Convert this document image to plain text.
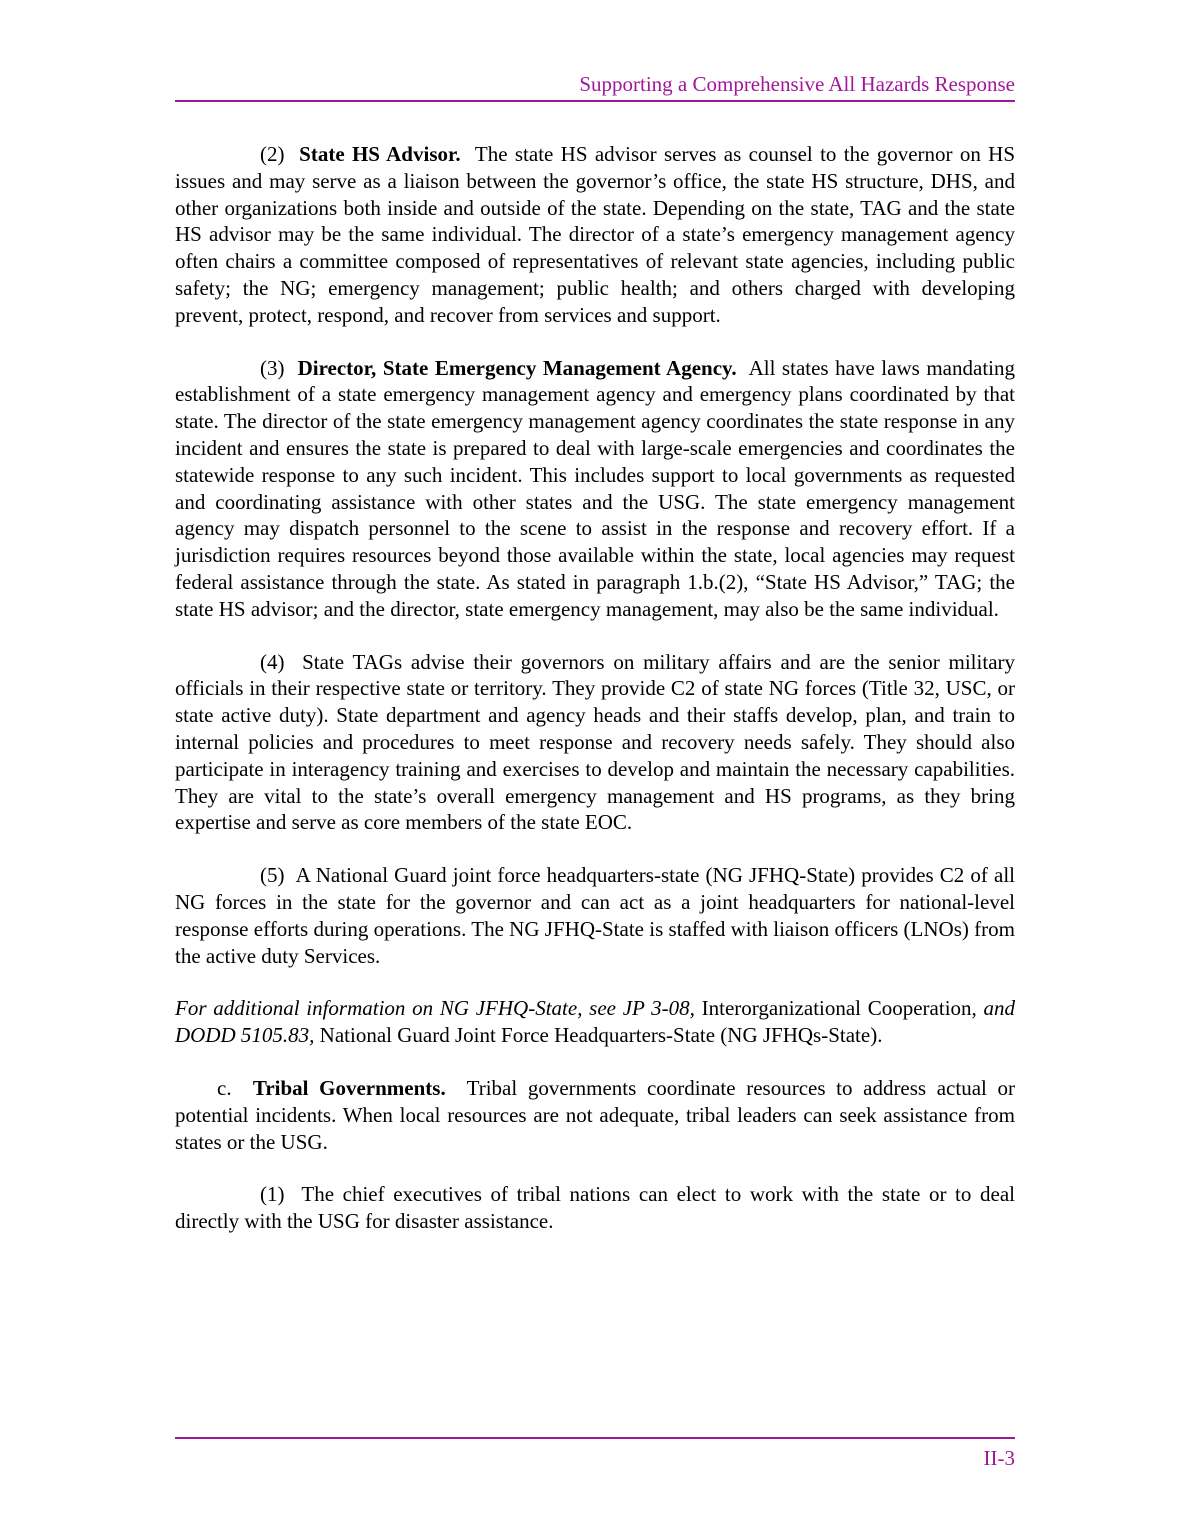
Supporting a Comprehensive All Hazards Response

(2) State HS Advisor. The state HS advisor serves as counsel to the governor on HS issues and may serve as a liaison between the governor’s office, the state HS structure, DHS, and other organizations both inside and outside of the state. Depending on the state, TAG and the state HS advisor may be the same individual. The director of a state’s emergency management agency often chairs a committee composed of representatives of relevant state agencies, including public safety; the NG; emergency management; public health; and others charged with developing prevent, protect, respond, and recover from services and support.

(3) Director, State Emergency Management Agency. All states have laws mandating establishment of a state emergency management agency and emergency plans coordinated by that state. The director of the state emergency management agency coordinates the state response in any incident and ensures the state is prepared to deal with large-scale emergencies and coordinates the statewide response to any such incident. This includes support to local governments as requested and coordinating assistance with other states and the USG. The state emergency management agency may dispatch personnel to the scene to assist in the response and recovery effort. If a jurisdiction requires resources beyond those available within the state, local agencies may request federal assistance through the state. As stated in paragraph 1.b.(2), “State HS Advisor,” TAG; the state HS advisor; and the director, state emergency management, may also be the same individual.

(4) State TAGs advise their governors on military affairs and are the senior military officials in their respective state or territory. They provide C2 of state NG forces (Title 32, USC, or state active duty). State department and agency heads and their staffs develop, plan, and train to internal policies and procedures to meet response and recovery needs safely. They should also participate in interagency training and exercises to develop and maintain the necessary capabilities. They are vital to the state’s overall emergency management and HS programs, as they bring expertise and serve as core members of the state EOC.

(5) A National Guard joint force headquarters-state (NG JFHQ-State) provides C2 of all NG forces in the state for the governor and can act as a joint headquarters for national-level response efforts during operations. The NG JFHQ-State is staffed with liaison officers (LNOs) from the active duty Services.

For additional information on NG JFHQ-State, see JP 3-08, Interorganizational Cooperation, and DODD 5105.83, National Guard Joint Force Headquarters-State (NG JFHQs-State).

c. Tribal Governments. Tribal governments coordinate resources to address actual or potential incidents. When local resources are not adequate, tribal leaders can seek assistance from states or the USG.

(1) The chief executives of tribal nations can elect to work with the state or to deal directly with the USG for disaster assistance.

II-3
